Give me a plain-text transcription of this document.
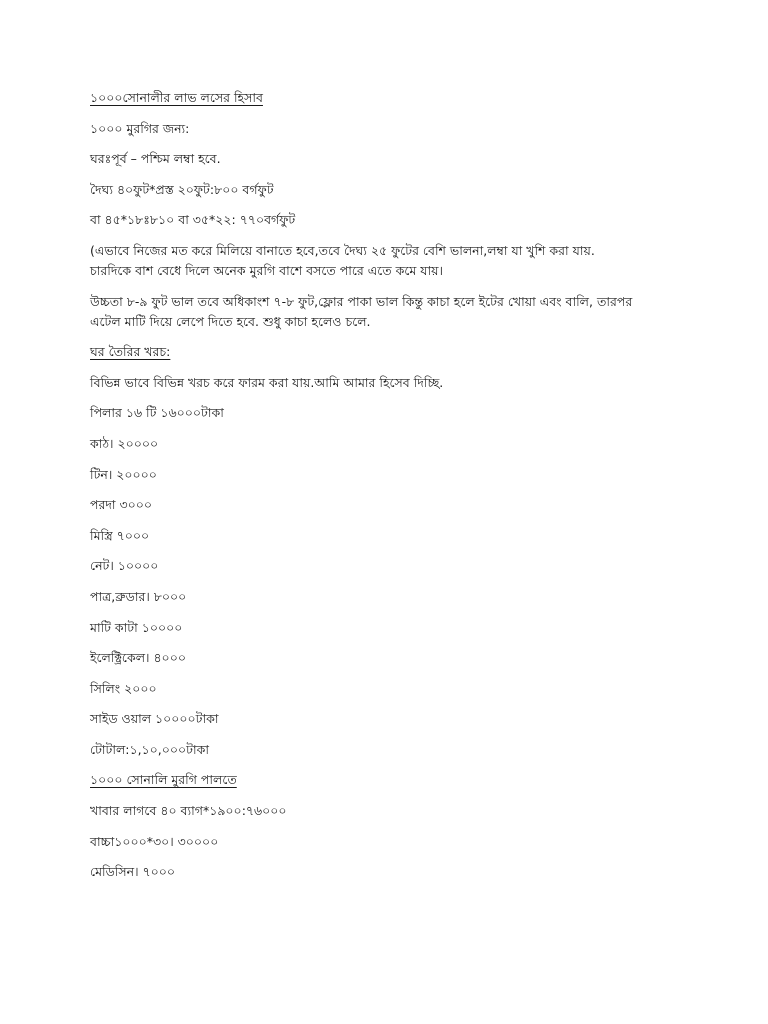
১০০০সোনালীর লাভ লসের হিসাব
১০০০ মুরগির জন্য:
ঘরঃপূর্ব – পশ্চিম লম্বা হবে.
দৈঘ্য ৪০ফুট*প্রস্ত ২০ফুট:৮০০ বর্গফুট
বা ৪৫*১৮ঃ৮১০ বা ৩৫*২২: ৭৭০বর্গফুট
(এভাবে নিজের মত করে মিলিয়ে বানাতে হবে,তবে দৈঘ্য ২৫ ফুটের বেশি ভালনা,লম্বা যা খুশি করা যায়.
চারদিকে বাশ বেধে দিলে অনেক মুরগি বাশে বসতে পারে এতে কমে যায়।
উচ্চতা ৮-৯ ফুট ভাল তবে অধিকাংশ ৭-৮ ফুট,ফ্লোর পাকা ভাল কিন্তু কাচা হলে ইটের খোয়া এবং বালি, তারপর
এটেল মাটি দিয়ে লেপে দিতে হবে. শুধু কাচা হলেও চলে.
ঘর তৈরির খরচ:
বিভিন্ন ভাবে বিভিন্ন খরচ করে ফারম করা যায়.আমি আমার হিসেব দিচ্ছি.
পিলার ১৬ টি ১৬০০০টাকা
কাঠ। ২০০০০
টিন। ২০০০০
পরদা ৩০০০
মিস্ত্রি ৭০০০
নেট। ১০০০০
পাত্র,ব্রুডার। ৮০০০
মাটি কাটা ১০০০০
ইলেক্ট্রিকেল। ৪০০০
সিলিং ২০০০
সাইড ওয়াল ১০০০০টাকা
টোটাল:১,১০,০০০টাকা
১০০০ সোনালি মুরগি পালতে
খাবার লাগবে ৪০ ব্যাগ*১৯০০:৭৬০০০
বাচ্চা১০০০*৩০। ৩০০০০
মেডিসিন। ৭০০০
